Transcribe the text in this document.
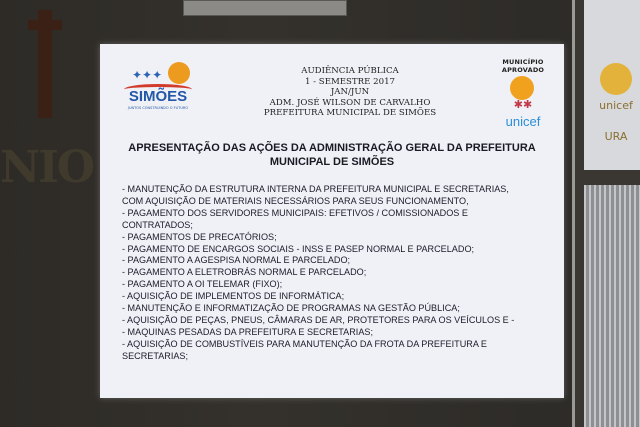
NIO
unicef
URA
✦✦✦
SIMÕES
JUNTOS CONSTRUINDO O FUTURO
AUDIÊNCIA PÚBLICA
1 - SEMESTRE 2017
JAN/JUN
ADM. JOSÉ WILSON DE CARVALHO
PREFEITURA MUNICIPAL DE SIMÕES
MUNICÍPIO APROVADO
✱✱
unicef
APRESENTAÇÃO DAS AÇÕES DA ADMINISTRAÇÃO GERAL DA PREFEITURA MUNICIPAL DE SIMÕES
- MANUTENÇÃO DA ESTRUTURA INTERNA DA PREFEITURA MUNICIPAL E SECRETARIAS,
COM AQUISIÇÃO DE MATERIAIS NECESSÁRIOS PARA SEUS FUNCIONAMENTO,
- PAGAMENTO DOS SERVIDORES MUNICIPAIS: EFETIVOS / COMISSIONADOS E
CONTRATADOS;
- PAGAMENTOS DE PRECATÓRIOS;
- PAGAMENTO DE ENCARGOS SOCIAIS - INSS E PASEP NORMAL E PARCELADO;
- PAGAMENTO A AGESPISA NORMAL E PARCELADO;
- PAGAMENTO A ELETROBRÁS NORMAL E PARCELADO;
- PAGAMENTO A OI TELEMAR (FIXO);
- AQUISIÇÃO DE IMPLEMENTOS DE INFORMÁTICA;
- MANUTENÇÃO E INFORMATIZAÇÃO DE PROGRAMAS NA GESTÃO PÚBLICA;
- AQUISIÇÃO DE PEÇAS, PNEUS, CÂMARAS DE AR, PROTETORES PARA OS VEÍCULOS E -
- MAQUINAS PESADAS DA PREFEITURA E SECRETARIAS;
- AQUISIÇÃO DE COMBUSTÍVEIS PARA MANUTENÇÃO DA FROTA DA PREFEITURA E
SECRETARIAS;
